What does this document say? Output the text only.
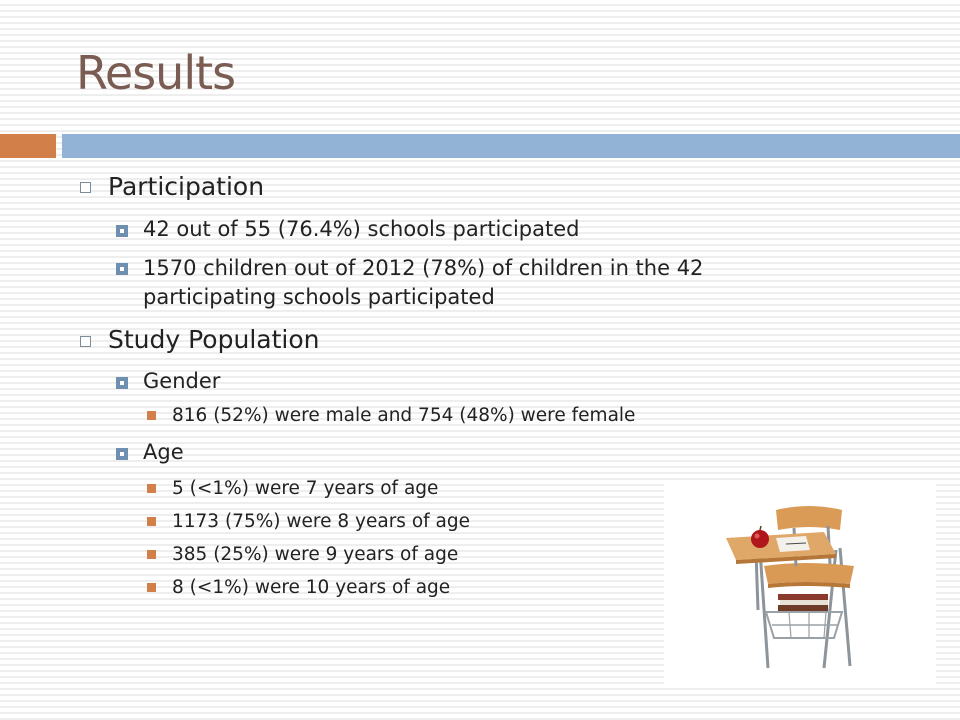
Results
Participation
42 out of 55 (76.4%) schools participated
1570 children out of 2012 (78%) of children in the 42
participating schools participated
Study Population
Gender
816 (52%) were male and 754 (48%) were female
Age
5 (<1%) were 7 years of age
1173 (75%) were 8 years of age
385 (25%) were 9 years of age
8 (<1%) were 10 years of age
